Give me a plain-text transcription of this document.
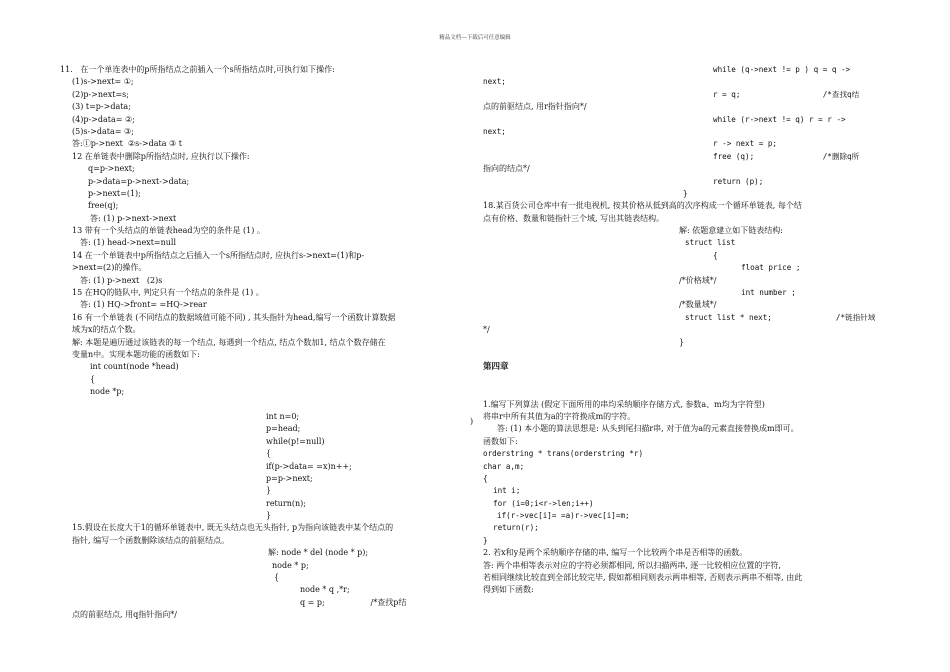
精品文档---下载后可任意编辑
11.   在一个单连表中的p所指结点之前插入一个s所指结点时,可执行如下操作:
(1)s->next= ①;
(2)p->next=s;
(3) t=p->data;
(4)p->data= ②;
(5)s->data= ③;
答:①p->next  ②s->data ③ t
12 在单链表中删除p所指结点时, 应执行以下操作:
q=p->next;
p->data=p->next->data;
p->next=(1);
free(q);
答: (1) p->next->next
13 带有一个头结点的单链表head为空的条件是 (1) 。
答: (1) head->next=null
14 在一个单链表中p所指结点之后插入一个s所指结点时, 应执行s->next=(1)和p-
>next=(2)的操作。
答: (1) p->next   (2)s
15 在HQ的链队中, 判定只有一个结点的条件是 (1) 。
答: (1) HQ->front= =HQ->rear
16 有一个单链表 (不同结点的数据域值可能不同) , 其头指针为head,编写一个函数计算数据
域为x的结点个数。
解: 本题是遍历通过该链表的每一个结点, 每遇到一个结点, 结点个数加1, 结点个数存储在
变量n中。实现本题功能的函数如下:
int count(node *head)
{
node *p;
int n=0;
p=head;
while(p!=null)
{
if(p->data= =x)n++;
p=p->next;
}
return(n);
}
15.假设在长度大于1的循环单链表中, 既无头结点也无头指针, p为指向该链表中某个结点的
指针, 编写一个函数删除该结点的前驱结点。
解: node * del (node * p);
node * p;
{
node * q ,*r;
q = p;                  /*查找p结
点的前驱结点, 用q指针指向*/
while (q->next != p ) q = q ->
next;
r = q;                  /*查找q结
点的前驱结点, 用r指针指向*/
while (r->next != q) r = r ->
next;
r -> next = p;
free (q);               /*删除q所
指向的结点*/
return (p);
}
18.某百货公司仓库中有一批电视机, 按其价格从低到高的次序构成一个循环单链表, 每个结
点有价格、数量和链指针三个域, 写出其链表结构。
解: 依题意建立如下链表结构:
struct list
{
float price ;
/*价格域*/
int number ;
/*数量域*/
struct list * next;              /*链指针域
*/
}
第四章
1.编写下列算法 (假定下面所用的串均采纳顺序存储方式, 参数a、m均为字符型)
将串r中所有其值为a的字符换成m的字符。
答: (1) 本小题的算法思想是: 从头到尾扫描r串, 对于值为a的元素直接替换成m即可。
函数如下:
orderstring * trans(orderstring *r)
char a,m;
{
int i;
for (i=0;i<r->len;i++)
if(r->vec[i]= =a)r->vec[i]=m;
return(r);
}
2. 若x和y是两个采纳顺序存储的串, 编写一个比较两个串是否相等的函数。
答: 两个串相等表示对应的字符必须都相同, 所以扫描两串, 逐一比较相应位置的字符,
若相同继续比较直到全部比较完毕, 假如都相同则表示两串相等, 否则表示两串不相等, 由此
得到如下函数:
)
